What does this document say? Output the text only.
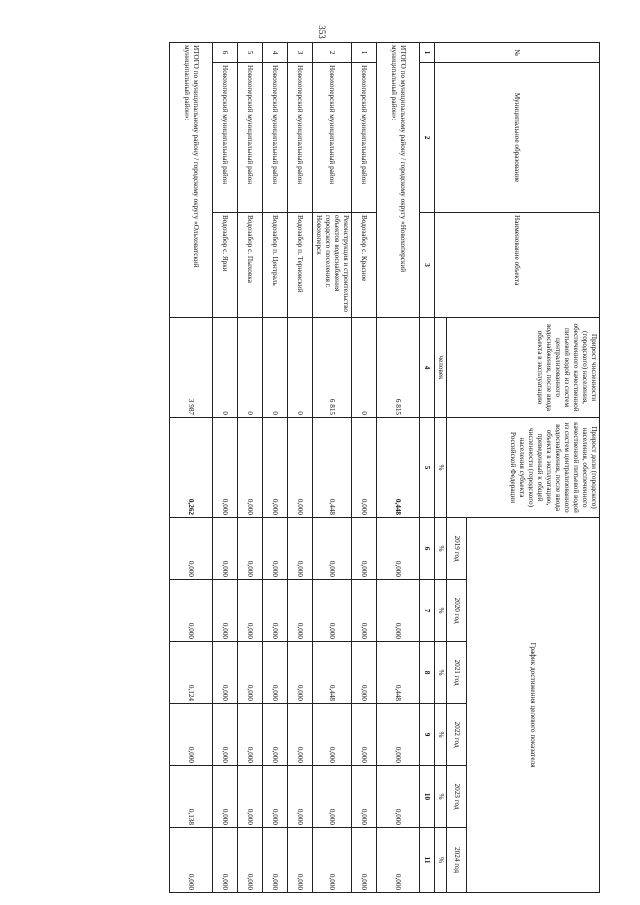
353
№	Муниципальное образование	Наименование объекта	Прирост численности (городского) населения, обеспеченного качественной питьевой водой из систем централизованного водоснабжения, после ввода объекта в эксплуатацию	Прирост доли (городского) населения, обеспеченного качественной питьевой водой из систем централизованного водоснабжения, после ввода объекта в эксплуатацию, приведенный к общей численности (городского) населения субъекта Российской Федерации	График достижения целевого показателя					
					2019 год	2020 год	2021 год	2022 год	2023 год	2024 год
			человек	%	%	%	%	%	%	%
1	2	3	4	5	6	7	8	9	10	11
ИТОГО по муниципальному району / городскому округу «Новохоперский муниципальный район»:			6 815	0,448	0,000	0,000	0,448	0,000	0,000	0,000
1	Новохоперский муниципальный район	Водозабор с. Красное	0	0,000	0,000	0,000	0,000	0,000	0,000	0,000
2	Новохоперский муниципальный район	Реконструкция и строительство объектов водоснабжения городского поселения г. Новохоперск	6 815	0,448	0,000	0,000	0,448	0,000	0,000	0,000
3	Новохоперский муниципальный район	Водозабор п. Терновский	0	0,000	0,000	0,000	0,000	0,000	0,000	0,000
4	Новохоперский муниципальный район	Водозабор п. Централь	0	0,000	0,000	0,000	0,000	0,000	0,000	0,000
5	Новохоперский муниципальный район	Водозабор с. Пыховка	0	0,000	0,000	0,000	0,000	0,000	0,000	0,000
6	Новохоперский муниципальный район	Водозабор с. Ярки	0	0,000	0,000	0,000	0,000	0,000	0,000	0,000
ИТОГО по муниципальному району / городскому округу «Ольховатский муниципальный район»:			3 987	0,262	0,000	0,000	0,124	0,000	0,138	0,000
